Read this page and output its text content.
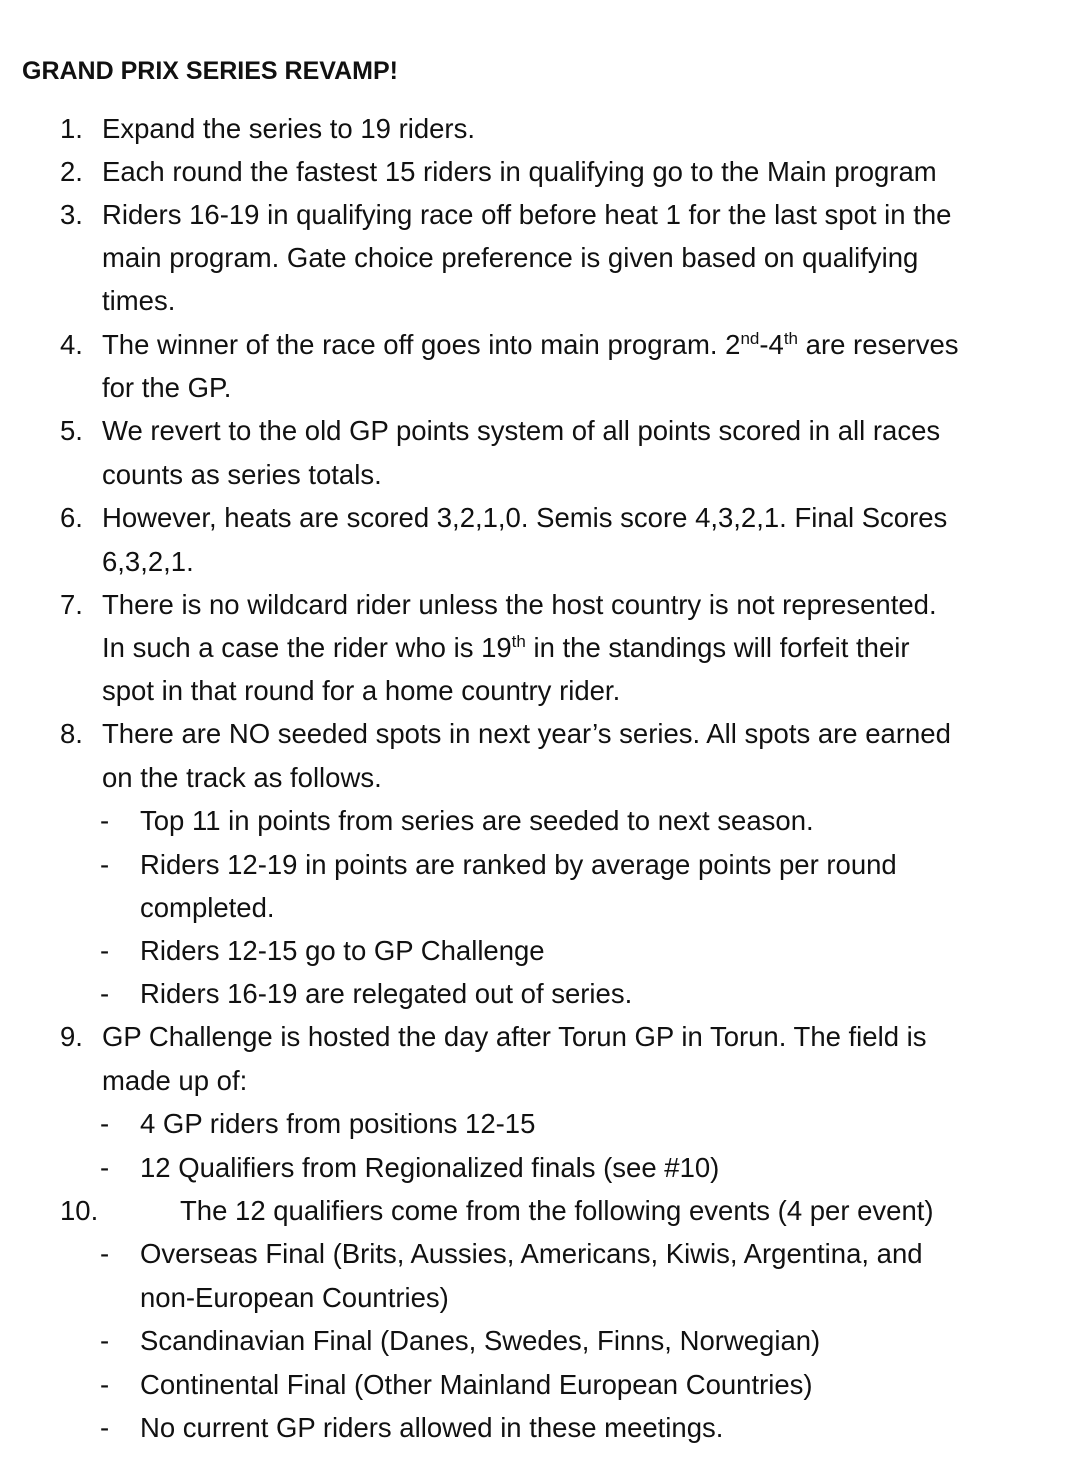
GRAND PRIX SERIES REVAMP!
1. Expand the series to 19 riders.
2. Each round the fastest 15 riders in qualifying go to the Main program
3. Riders 16-19 in qualifying race off before heat 1 for the last spot in the
main program. Gate choice preference is given based on qualifying
times.
4. The winner of the race off goes into main program. 2nd-4th are reserves
for the GP.
5. We revert to the old GP points system of all points scored in all races
counts as series totals.
6. However, heats are scored 3,2,1,0. Semis score 4,3,2,1. Final Scores
6,3,2,1.
7. There is no wildcard rider unless the host country is not represented.
In such a case the rider who is 19th in the standings will forfeit their
spot in that round for a home country rider.
8. There are NO seeded spots in next year’s series. All spots are earned
on the track as follows.
- Top 11 in points from series are seeded to next season.
- Riders 12-19 in points are ranked by average points per round
completed.
- Riders 12-15 go to GP Challenge
- Riders 16-19 are relegated out of series.
9. GP Challenge is hosted the day after Torun GP in Torun. The field is
made up of:
- 4 GP riders from positions 12-15
- 12 Qualifiers from Regionalized finals (see #10)
10.	The 12 qualifiers come from the following events (4 per event)
- Overseas Final (Brits, Aussies, Americans, Kiwis, Argentina, and
non-European Countries)
- Scandinavian Final (Danes, Swedes, Finns, Norwegian)
- Continental Final (Other Mainland European Countries)
- No current GP riders allowed in these meetings.
